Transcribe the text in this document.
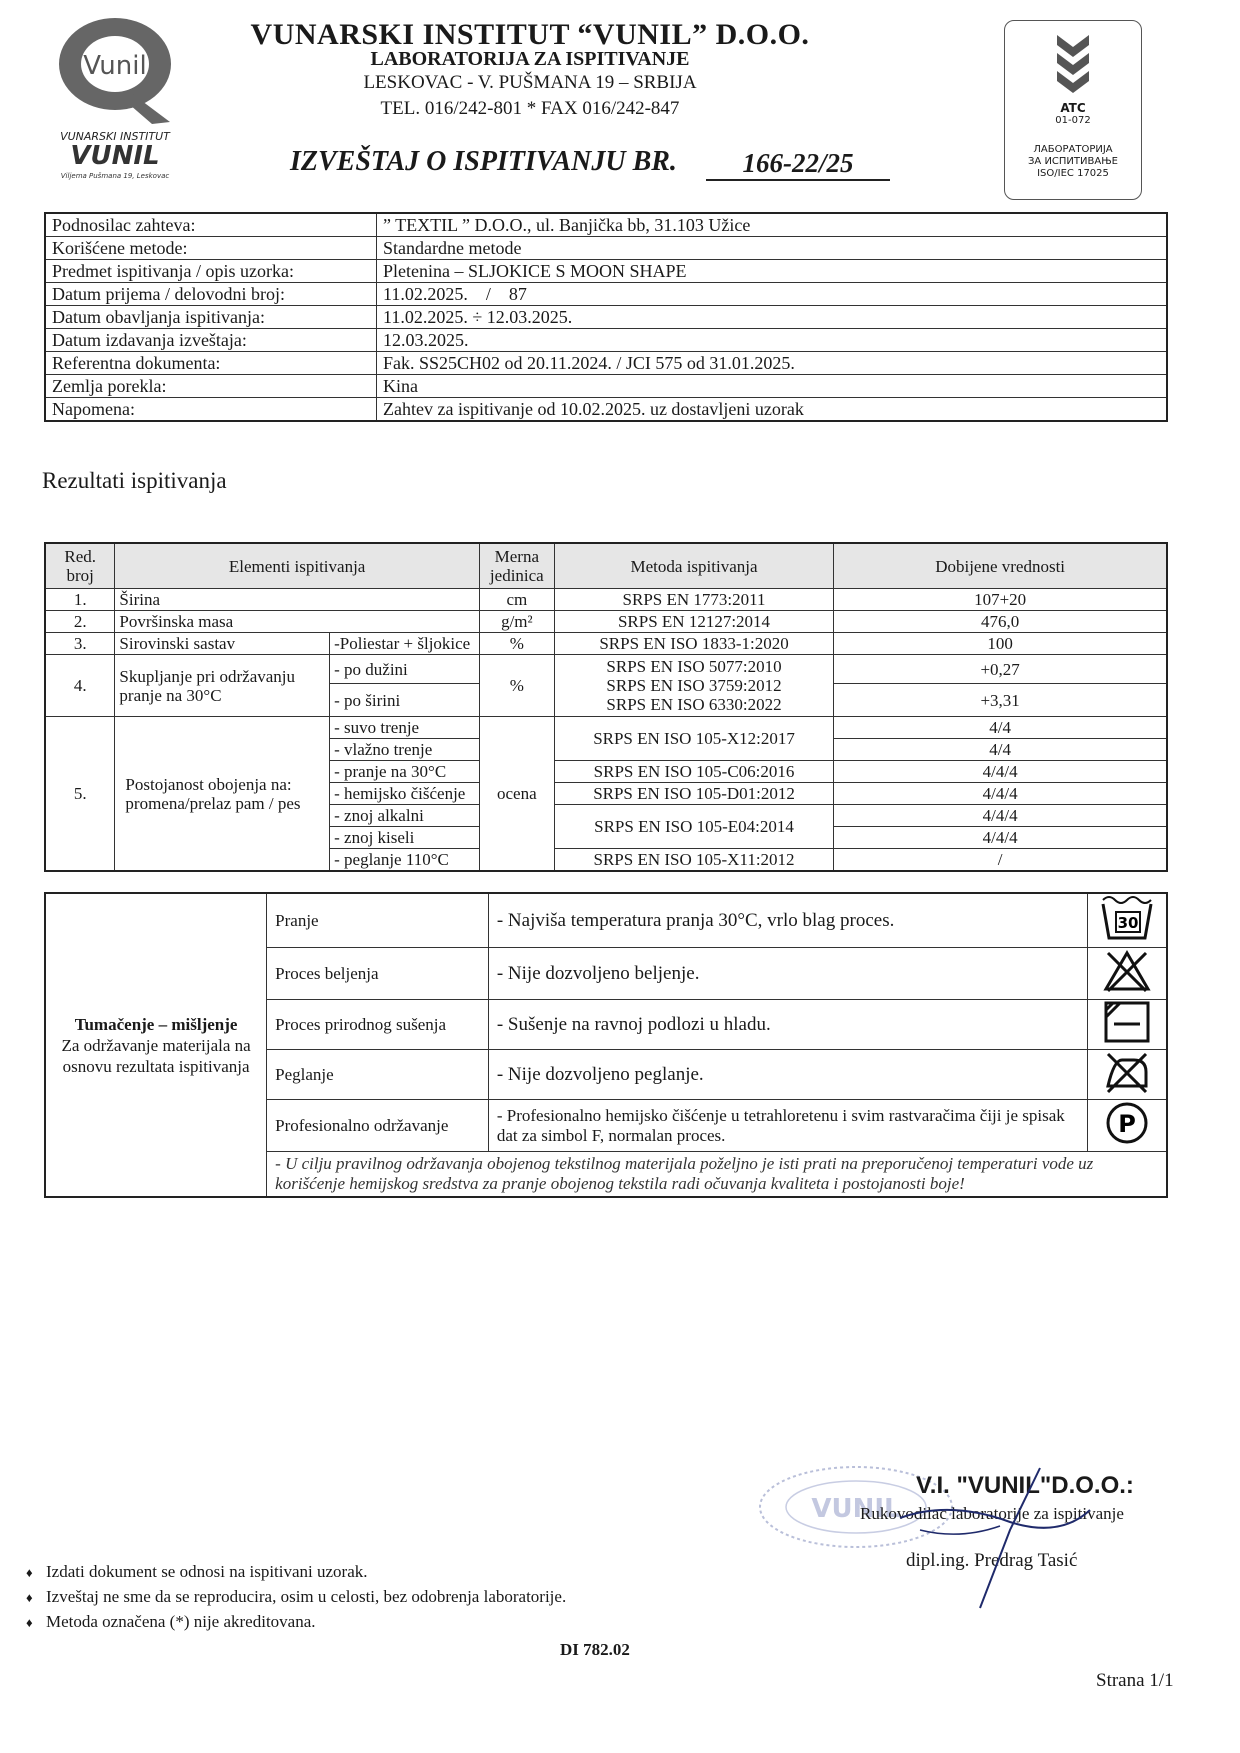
Vunil
VUNARSKI INSTITUT
VUNIL
Viljema Pušmana 19, Leskovac
VUNARSKI INSTITUT “VUNIL” D.O.O.
LABORATORIJA ZA ISPITIVANJE
LESKOVAC - V. PUŠMANA 19 – SRBIJA
TEL. 016/242-801 * FAX 016/242-847
IZVEŠTAJ O ISPITIVANJU BR.	166-22/25
ATC
01-072
ЛАБОРАТОРИЈА
ЗА ИСПИТИВАЊЕ
ISO/IEC 17025
Podnosilac zahteva:	” TEXTIL ” D.O.O., ul. Banjička bb, 31.103 Užice
Korišćene metode:	Standardne metode
Predmet ispitivanja / opis uzorka:	Pletenina – SLJOKICE S MOON SHAPE
Datum prijema / delovodni broj:	11.02.2025.    /    87
Datum obavljanja ispitivanja:	11.02.2025. ÷ 12.03.2025.
Datum izdavanja izveštaja:	12.03.2025.
Referentna dokumenta:	Fak. SS25CH02 od 20.11.2024. / JCI 575 od 31.01.2025.
Zemlja porekla:	Kina
Napomena:	Zahtev za ispitivanje od 10.02.2025. uz dostavljeni uzorak
Rezultati ispitivanja
Red. broj	Elementi ispitivanja		Merna jedinica	Metoda ispitivanja	Dobijene vrednosti
1.	Širina		cm	SRPS EN 1773:2011	107+20
2.	Površinska masa		g/m²	SRPS EN 12127:2014	476,0
3.	Sirovinski sastav	-Poliestar + šljokice	%	SRPS EN ISO 1833-1:2020	100
4.	Skupljanje pri održavanju pranje na 30°C	- po dužini	%	SRPS EN ISO 5077:2010
SRPS EN ISO 3759:2012
SRPS EN ISO 6330:2022	+0,27
		- po širini			+3,31
5.	Postojanost obojenja na: promena/prelaz pam / pes	- suvo trenje	ocena	SRPS EN ISO 105-X12:2017	4/4
		- vlažno trenje			4/4
		- pranje na 30°C		SRPS EN ISO 105-C06:2016	4/4/4
		- hemijsko čišćenje		SRPS EN ISO 105-D01:2012	4/4/4
		- znoj alkalni		SRPS EN ISO 105-E04:2014	4/4/4
		- znoj kiseli			4/4/4
		- peglanje 110°C		SRPS EN ISO 105-X11:2012	/
Tumačenje – mišljenje
Za održavanje materijala na osnovu rezultata ispitivanja	Pranje	- Najviša temperatura pranja 30°C, vrlo blag proces.	30

	Proces beljenja	- Nije dozvoljeno beljenje.	
	Proces prirodnog sušenja	- Sušenje na ravnoj podlozi u hladu.	
	Peglanje	- Nije dozvoljeno peglanje.	
	Profesionalno održavanje	- Profesionalno hemijsko čišćenje u tetrahloretenu i svim rastvaračima čiji je spisak dat za simbol F, normalan proces.	P

	- U cilju pravilnog održavanja obojenog tekstilnog materijala poželjno je isti prati na preporučenoj temperaturi vode uz korišćenje hemijskog sredstva za pranje obojenog tekstila radi očuvanja kvaliteta i postojanosti boje!		
VUNIL
V.I. "VUNIL"D.O.O.:
Rukovodilac laboratorije za ispitivanje
dipl.ing. Predrag Tasić
♦ Izdati dokument se odnosi na ispitivani uzorak.
♦ Izveštaj ne sme da se reproducira, osim u celosti, bez odobrenja laboratorije.
♦ Metoda označena (*) nije akreditovana.
DI 782.02
Strana 1/1
